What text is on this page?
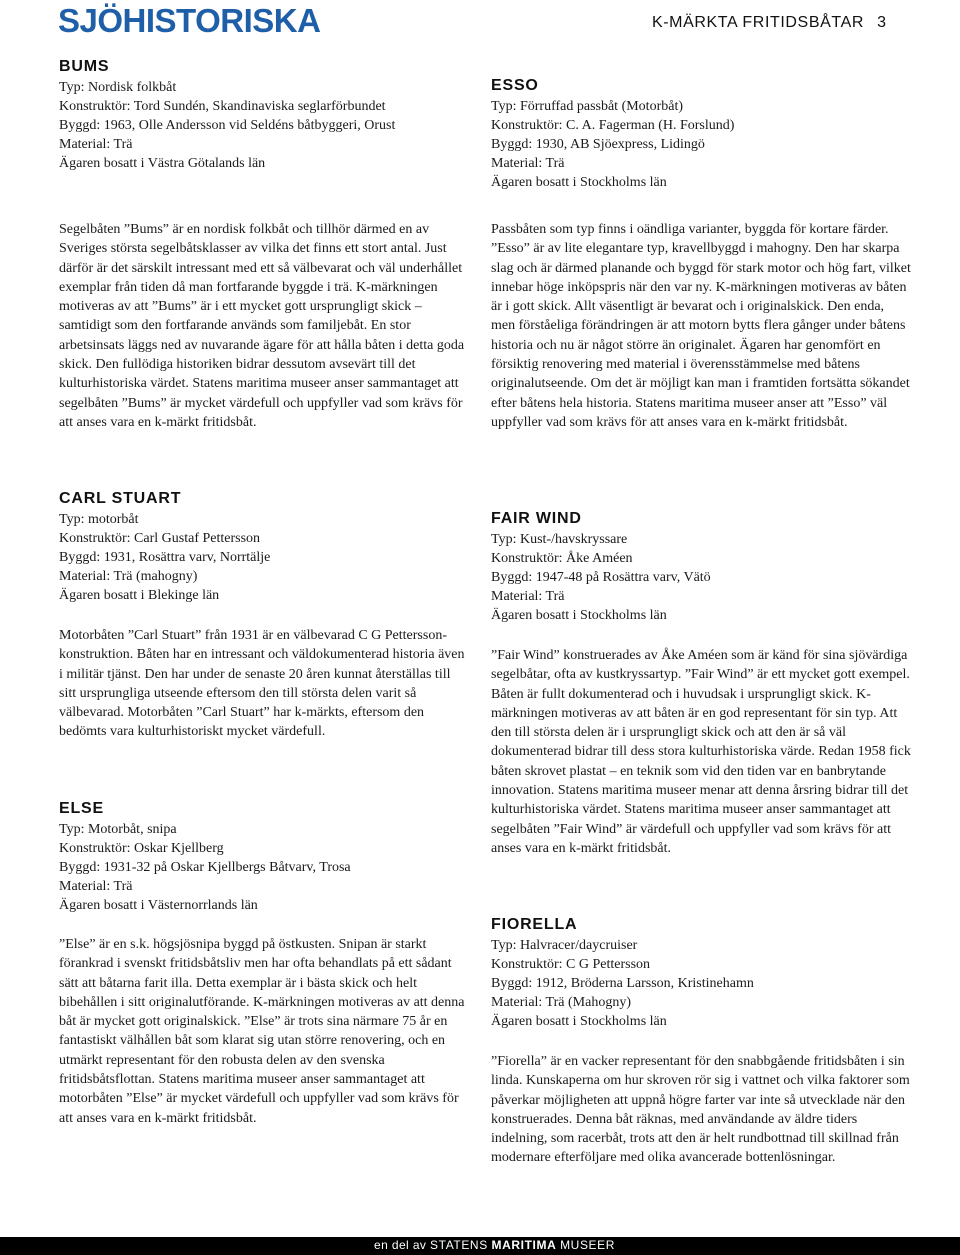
SJÖHISTORISKA	K-MÄRKTA FRITIDSBÅTAR 3
BUMS
Typ: Nordisk folkbåt
Konstruktör: Tord Sundén, Skandinaviska seglarförbundet
Byggd: 1963, Olle Andersson vid Seldéns båtbyggeri, Orust
Material: Trä
Ägaren bosatt i Västra Götalands län

Segelbåten ”Bums” är en nordisk folkbåt och tillhör därmed en av Sveriges största segelbåtsklasser av vilka det finns ett stort antal. Just därför är det särskilt intressant med ett så välbevarat och väl underhållet exemplar från tiden då man fortfarande byggde i trä. K-märkningen motiveras av att ”Bums” är i ett mycket gott ursprungligt skick – samtidigt som den fortfarande används som familjebåt. En stor arbetsinsats läggs ned av nuvarande ägare för att hålla båten i detta goda skick. Den fullödiga historiken bidrar dessutom avsevärt till det kulturhistoriska värdet. Statens maritima museer anser sammantaget att segelbåten ”Bums” är mycket värdefull och uppfyller vad som krävs för att anses vara en k-märkt fritidsbåt.

CARL STUART
Typ: motorbåt
Konstruktör: Carl Gustaf Pettersson
Byggd: 1931, Rosättra varv, Norrtälje
Material: Trä (mahogny)
Ägaren bosatt i Blekinge län

Motorbåten ”Carl Stuart” från 1931 är en välbevarad C G Pettersson-konstruktion. Båten har en intressant och väldokumenterad historia även i militär tjänst. Den har under de senaste 20 åren kunnat återställas till sitt ursprungliga utseende eftersom den till största delen varit så välbevarad. Motorbåten ”Carl Stuart” har k-märkts, eftersom den bedömts vara kulturhistoriskt mycket värdefull.

ELSE
Typ: Motorbåt, snipa
Konstruktör: Oskar Kjellberg
Byggd: 1931-32 på Oskar Kjellbergs Båtvarv, Trosa
Material: Trä
Ägaren bosatt i Västernorrlands län

”Else” är en s.k. högsjösnipa byggd på östkusten. Snipan är starkt förankrad i svenskt fritidsbåtsliv men har ofta behandlats på ett sådant sätt att båtarna farit illa. Detta exemplar är i bästa skick och helt bibehållen i sitt originalutförande. K-märkningen motiveras av att denna båt är mycket gott originalskick. ”Else” är trots sina närmare 75 år en fantastiskt välhållen båt som klarat sig utan större renovering, och en utmärkt representant för den robusta delen av den svenska fritidsbåtsflottan. Statens maritima museer anser sammantaget att motorbåten ”Else” är mycket värdefull och uppfyller vad som krävs för att anses vara en k-märkt fritidsbåt.

ESSO
Typ: Förruffad passbåt (Motorbåt)
Konstruktör: C. A. Fagerman (H. Forslund)
Byggd: 1930, AB Sjöexpress, Lidingö
Material: Trä
Ägaren bosatt i Stockholms län

Passbåten som typ finns i oändliga varianter, byggda för kortare färder. ”Esso” är av lite elegantare typ, kravellbyggd i mahogny. Den har skarpa slag och är därmed planande och byggd för stark motor och hög fart, vilket innebar höge inköpspris när den var ny. K-märkningen motiveras av båten är i gott skick. Allt väsentligt är bevarat och i originalskick. Den enda, men förståeliga förändringen är att motorn bytts flera gånger under båtens historia och nu är något större än originalet. Ägaren har genomfört en försiktig renovering med material i överensstämmelse med båtens originalutseende. Om det är möjligt kan man i framtiden fortsätta sökandet efter båtens hela historia. Statens maritima museer anser att ”Esso” väl uppfyller vad som krävs för att anses vara en k-märkt fritidsbåt.

FAIR WIND
Typ: Kust-/havskryssare
Konstruktör: Åke Améen
Byggd: 1947-48 på Rosättra varv, Vätö
Material: Trä
Ägaren bosatt i Stockholms län

”Fair Wind” konstruerades av Åke Améen som är känd för sina sjövärdiga segelbåtar, ofta av kustkryssartyp. ”Fair Wind” är ett mycket gott exempel. Båten är fullt dokumenterad och i huvudsak i ursprungligt skick. K-märkningen motiveras av att båten är en god representant för sin typ. Att den till största delen är i ursprungligt skick och att den är så väl dokumenterad bidrar till dess stora kulturhistoriska värde. Redan 1958 fick båten skrovet plastat – en teknik som vid den tiden var en banbrytande innovation. Statens maritima museer menar att denna årsring bidrar till det kulturhistoriska värdet. Statens maritima museer anser sammantaget att segelbåten ”Fair Wind” är värdefull och uppfyller vad som krävs för att anses vara en k-märkt fritidsbåt.

FIORELLA
Typ: Halvracer/daycruiser
Konstruktör: C G Pettersson
Byggd: 1912, Bröderna Larsson, Kristinehamn
Material: Trä (Mahogny)
Ägaren bosatt i Stockholms län

”Fiorella” är en vacker representant för den snabbgående fritidsbåten i sin linda. Kunskaperna om hur skroven rör sig i vattnet och vilka faktorer som påverkar möjligheten att uppnå högre farter var inte så utvecklade när den konstruerades. Denna båt räknas, med användande av äldre tiders indelning, som racerbåt, trots att den är helt rundbottnad till skillnad från modernare efterföljare med olika avancerade bottenlösningar.

en del av STATENS MARITIMA MUSEER
